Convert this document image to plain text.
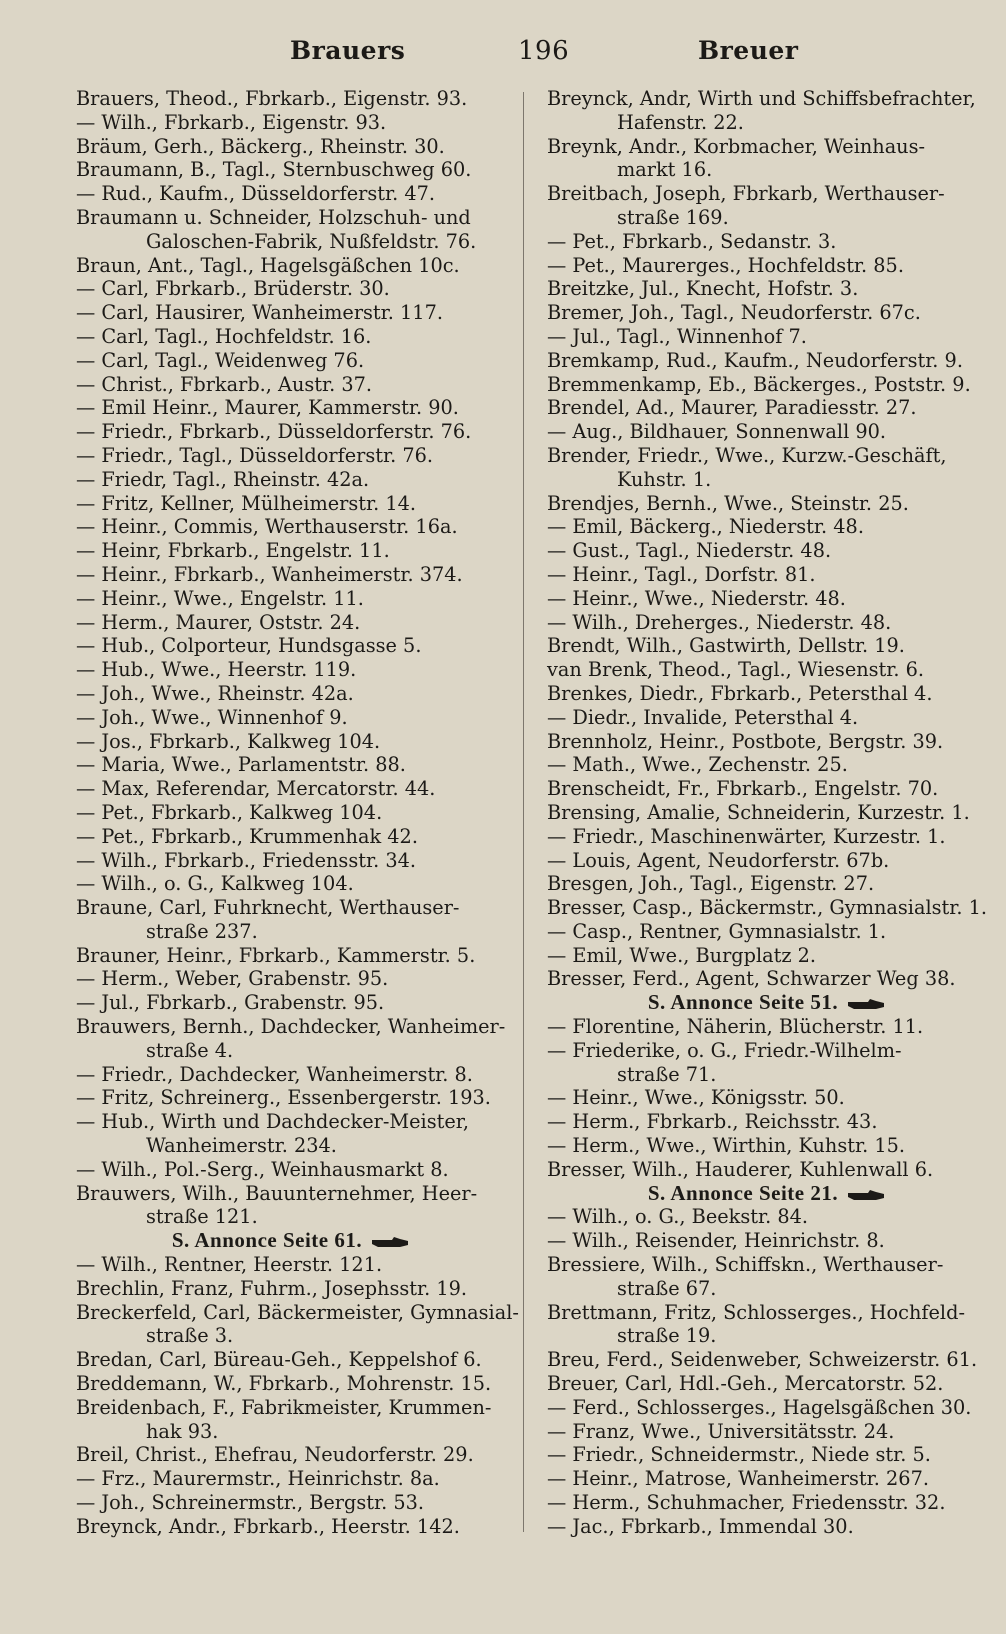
Brauers	196	Breuer
Brauers, Theod., Fbrkarb., Eigenstr. 93.
— Wilh., Fbrkarb., Eigenstr. 93.
Bräum, Gerh., Bäckerg., Rheinstr. 30.
Braumann, B., Tagl., Sternbuschweg 60.
— Rud., Kaufm., Düsseldorferstr. 47.
Braumann u. Schneider, Holzschuh- und
Galoschen-Fabrik, Nußfeldstr. 76.
Braun, Ant., Tagl., Hagelsgäßchen 10c.
— Carl, Fbrkarb., Brüderstr. 30.
— Carl, Hausirer, Wanheimerstr. 117.
— Carl, Tagl., Hochfeldstr. 16.
— Carl, Tagl., Weidenweg 76.
— Christ., Fbrkarb., Austr. 37.
— Emil Heinr., Maurer, Kammerstr. 90.
— Friedr., Fbrkarb., Düsseldorferstr. 76.
— Friedr., Tagl., Düsseldorferstr. 76.
— Friedr, Tagl., Rheinstr. 42a.
— Fritz, Kellner, Mülheimerstr. 14.
— Heinr., Commis, Werthauserstr. 16a.
— Heinr, Fbrkarb., Engelstr. 11.
— Heinr., Fbrkarb., Wanheimerstr. 374.
— Heinr., Wwe., Engelstr. 11.
— Herm., Maurer, Oststr. 24.
— Hub., Colporteur, Hundsgasse 5.
— Hub., Wwe., Heerstr. 119.
— Joh., Wwe., Rheinstr. 42a.
— Joh., Wwe., Winnenhof 9.
— Jos., Fbrkarb., Kalkweg 104.
— Maria, Wwe., Parlamentstr. 88.
— Max, Referendar, Mercatorstr. 44.
— Pet., Fbrkarb., Kalkweg 104.
— Pet., Fbrkarb., Krummenhak 42.
— Wilh., Fbrkarb., Friedensstr. 34.
— Wilh., o. G., Kalkweg 104.
Braune, Carl, Fuhrknecht, Werthauser-
straße 237.
Brauner, Heinr., Fbrkarb., Kammerstr. 5.
— Herm., Weber, Grabenstr. 95.
— Jul., Fbrkarb., Grabenstr. 95.
Brauwers, Bernh., Dachdecker, Wanheimer-
straße 4.
— Friedr., Dachdecker, Wanheimerstr. 8.
— Fritz, Schreinerg., Essenbergerstr. 193.
— Hub., Wirth und Dachdecker-Meister,
Wanheimerstr. 234.
— Wilh., Pol.-Serg., Weinhausmarkt 8.
Brauwers, Wilh., Bauunternehmer, Heer-
straße 121.
S. Annonce Seite 61.
— Wilh., Rentner, Heerstr. 121.
Brechlin, Franz, Fuhrm., Josephsstr. 19.
Breckerfeld, Carl, Bäckermeister, Gymnasial-
straße 3.
Bredan, Carl, Büreau-Geh., Keppelshof 6.
Breddemann, W., Fbrkarb., Mohrenstr. 15.
Breidenbach, F., Fabrikmeister, Krummen-
hak 93.
Breil, Christ., Ehefrau, Neudorferstr. 29.
— Frz., Maurermstr., Heinrichstr. 8a.
— Joh., Schreinermstr., Bergstr. 53.
Breynck, Andr., Fbrkarb., Heerstr. 142.
Breynck, Andr, Wirth und Schiffsbefrachter,
Hafenstr. 22.
Breynk, Andr., Korbmacher, Weinhaus-
markt 16.
Breitbach, Joseph, Fbrkarb, Werthauser-
straße 169.
— Pet., Fbrkarb., Sedanstr. 3.
— Pet., Maurerges., Hochfeldstr. 85.
Breitzke, Jul., Knecht, Hofstr. 3.
Bremer, Joh., Tagl., Neudorferstr. 67c.
— Jul., Tagl., Winnenhof 7.
Bremkamp, Rud., Kaufm., Neudorferstr. 9.
Bremmenkamp, Eb., Bäckerges., Poststr. 9.
Brendel, Ad., Maurer, Paradiesstr. 27.
— Aug., Bildhauer, Sonnenwall 90.
Brender, Friedr., Wwe., Kurzw.-Geschäft,
Kuhstr. 1.
Brendjes, Bernh., Wwe., Steinstr. 25.
— Emil, Bäckerg., Niederstr. 48.
— Gust., Tagl., Niederstr. 48.
— Heinr., Tagl., Dorfstr. 81.
— Heinr., Wwe., Niederstr. 48.
— Wilh., Dreherges., Niederstr. 48.
Brendt, Wilh., Gastwirth, Dellstr. 19.
van Brenk, Theod., Tagl., Wiesenstr. 6.
Brenkes, Diedr., Fbrkarb., Petersthal 4.
— Diedr., Invalide, Petersthal 4.
Brennholz, Heinr., Postbote, Bergstr. 39.
— Math., Wwe., Zechenstr. 25.
Brenscheidt, Fr., Fbrkarb., Engelstr. 70.
Brensing, Amalie, Schneiderin, Kurzestr. 1.
— Friedr., Maschinenwärter, Kurzestr. 1.
— Louis, Agent, Neudorferstr. 67b.
Bresgen, Joh., Tagl., Eigenstr. 27.
Bresser, Casp., Bäckermstr., Gymnasialstr. 1.
— Casp., Rentner, Gymnasialstr. 1.
— Emil, Wwe., Burgplatz 2.
Bresser, Ferd., Agent, Schwarzer Weg 38.
S. Annonce Seite 51.
— Florentine, Näherin, Blücherstr. 11.
— Friederike, o. G., Friedr.-Wilhelm-
straße 71.
— Heinr., Wwe., Königsstr. 50.
— Herm., Fbrkarb., Reichsstr. 43.
— Herm., Wwe., Wirthin, Kuhstr. 15.
Bresser, Wilh., Hauderer, Kuhlenwall 6.
S. Annonce Seite 21.
— Wilh., o. G., Beekstr. 84.
— Wilh., Reisender, Heinrichstr. 8.
Bressiere, Wilh., Schiffskn., Werthauser-
straße 67.
Brettmann, Fritz, Schlosserges., Hochfeld-
straße 19.
Breu, Ferd., Seidenweber, Schweizerstr. 61.
Breuer, Carl, Hdl.-Geh., Mercatorstr. 52.
— Ferd., Schlosserges., Hagelsgäßchen 30.
— Franz, Wwe., Universitätsstr. 24.
— Friedr., Schneidermstr., Niede str. 5.
— Heinr., Matrose, Wanheimerstr. 267.
— Herm., Schuhmacher, Friedensstr. 32.
— Jac., Fbrkarb., Immendal 30.
